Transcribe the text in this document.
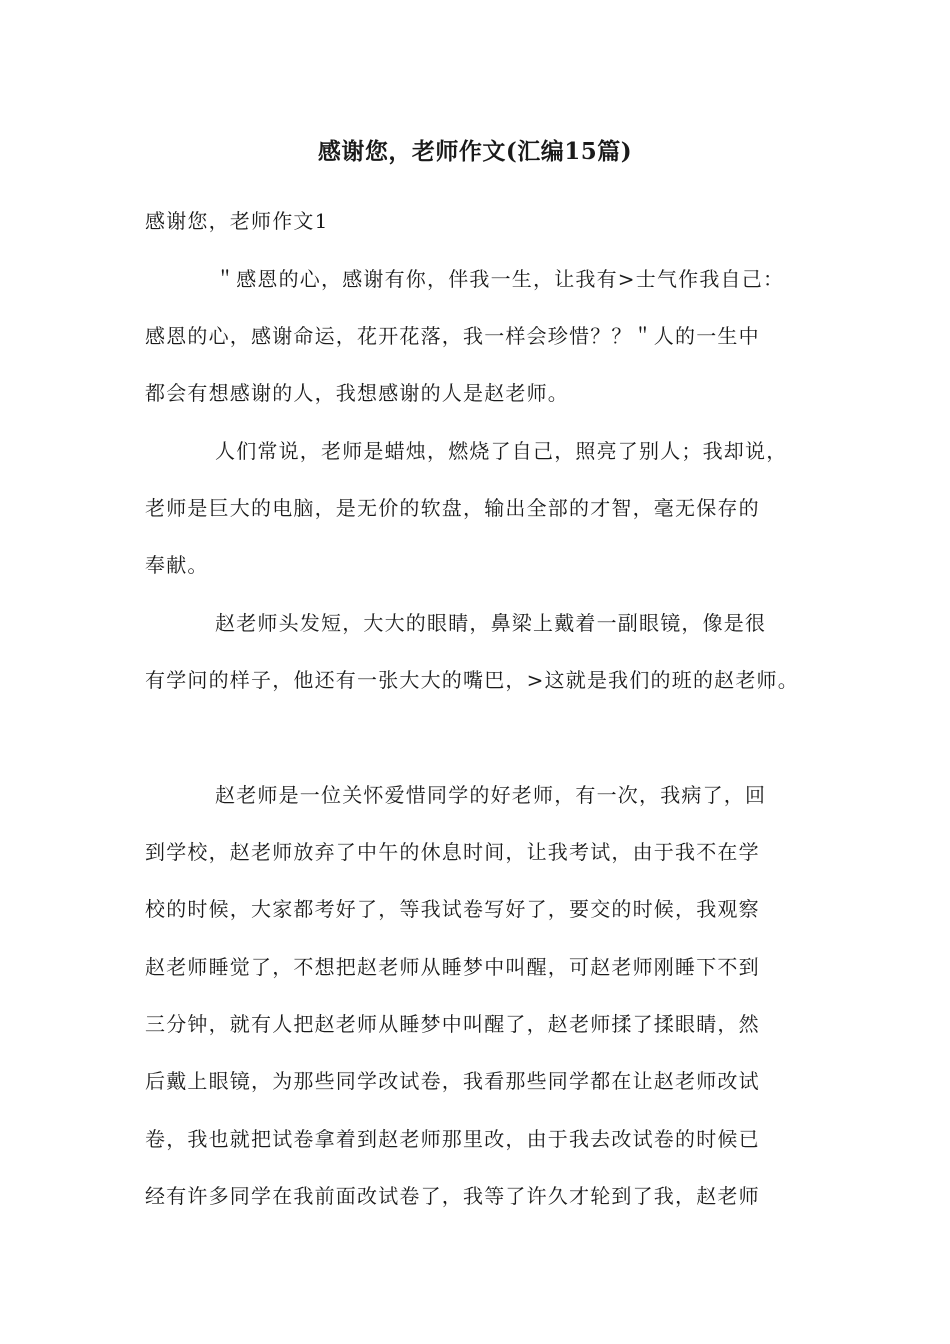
感谢您，老师作文(汇编15篇)
感谢您，老师作文1
＂感恩的心，感谢有你，伴我一生，让我有>士气作我自己：
感恩的心，感谢命运，花开花落，我一样会珍惜？？＂人的一生中
都会有想感谢的人，我想感谢的人是赵老师。
人们常说，老师是蜡烛，燃烧了自己，照亮了别人；我却说，
老师是巨大的电脑，是无价的软盘，输出全部的才智，毫无保存的
奉献。
赵老师头发短，大大的眼睛，鼻梁上戴着一副眼镜，像是很
有学问的样子，他还有一张大大的嘴巴，>这就是我们的班的赵老师。
赵老师是一位关怀爱惜同学的好老师，有一次，我病了，回
到学校，赵老师放弃了中午的休息时间，让我考试，由于我不在学
校的时候，大家都考好了，等我试卷写好了，要交的时候，我观察
赵老师睡觉了，不想把赵老师从睡梦中叫醒，可赵老师刚睡下不到
三分钟，就有人把赵老师从睡梦中叫醒了，赵老师揉了揉眼睛，然
后戴上眼镜，为那些同学改试卷，我看那些同学都在让赵老师改试
卷，我也就把试卷拿着到赵老师那里改，由于我去改试卷的时候已
经有许多同学在我前面改试卷了，我等了许久才轮到了我，赵老师
